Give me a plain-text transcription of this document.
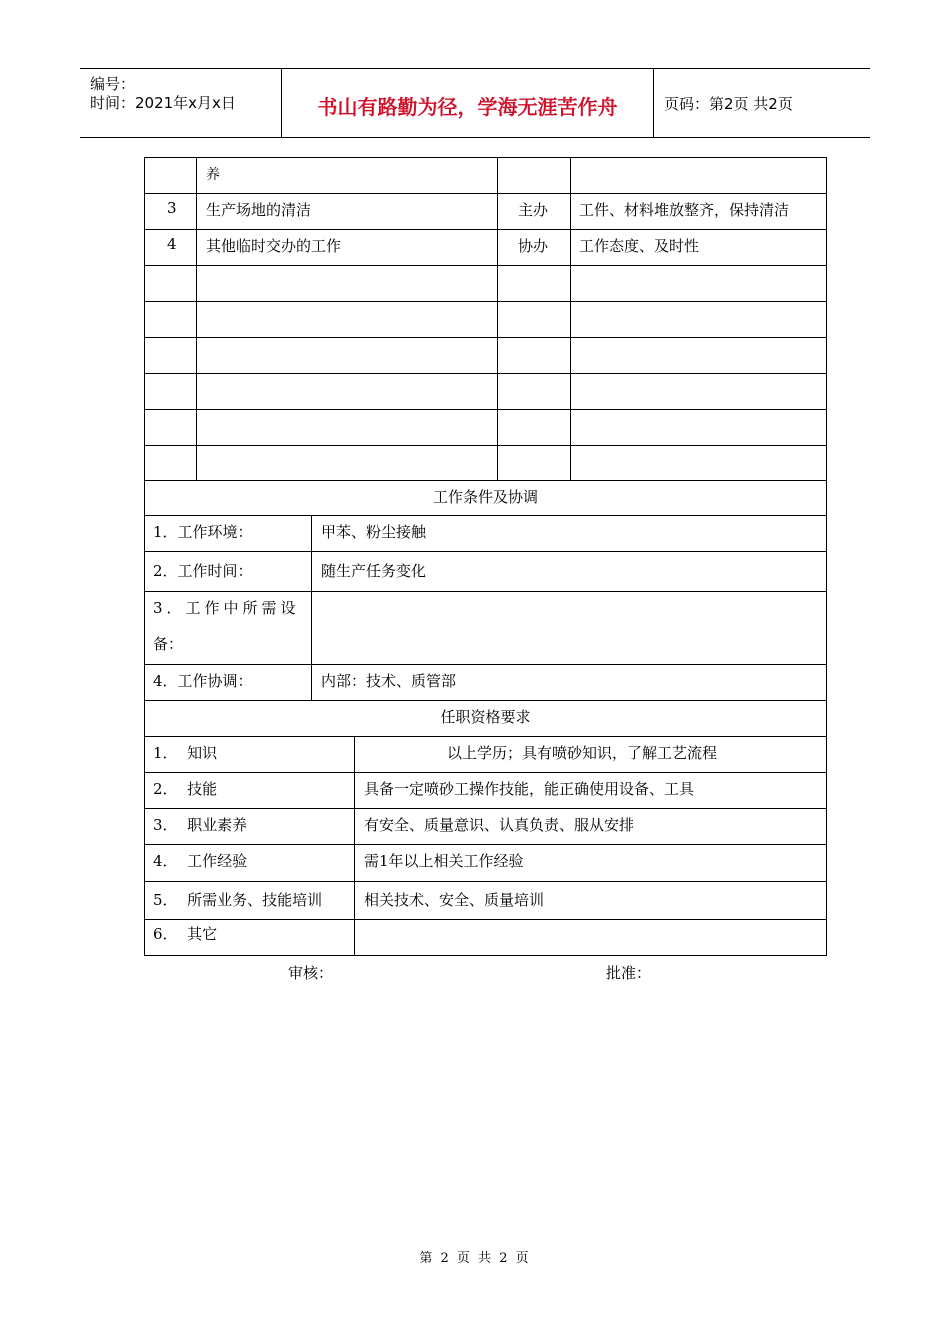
编号：
时间：2021年x月x日	书山有路勤为径，学海无涯苦作舟	页码：第2页 共2页
养
3 生产场地的清洁	主办 工件、材料堆放整齐，保持清洁
4 其他临时交办的工作	协办 工作态度、及时性
工作条件及协调
1．工作环境：	甲苯、粉尘接触
2．工作时间：	随生产任务变化
3．工作中所需设
备：
4．工作协调：	内部：技术、质管部
任职资格要求
1．  知识	以上学历；具有喷砂知识，了解工艺流程
2．  技能	具备一定喷砂工操作技能，能正确使用设备、工具
3．  职业素养	有安全、质量意识、认真负责、服从安排
4．  工作经验	需1年以上相关工作经验
5．  所需业务、技能培训	相关技术、安全、质量培训
6．  其它
审核：	批准：
第 2 页 共 2 页
